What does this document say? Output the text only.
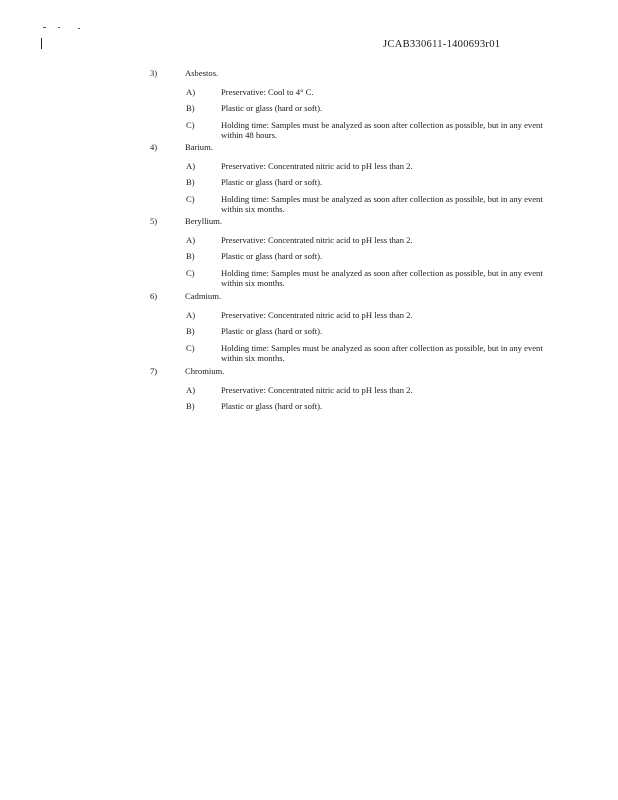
JCAB330611-1400693r01
3)	Asbestos.
A)	Preservative: Cool to 4° C.
B)	Plastic or glass (hard or soft).
C)	Holding time: Samples must be analyzed as soon after collection as possible, but in any event within 48 hours.
4)	Barium.
A)	Preservative: Concentrated nitric acid to pH less than 2.
B)	Plastic or glass (hard or soft).
C)	Holding time: Samples must be analyzed as soon after collection as possible, but in any event within six months.
5)	Beryllium.
A)	Preservative: Concentrated nitric acid to pH less than 2.
B)	Plastic or glass (hard or soft).
C)	Holding time: Samples must be analyzed as soon after collection as possible, but in any event within six months.
6)	Cadmium.
A)	Preservative: Concentrated nitric acid to pH less than 2.
B)	Plastic or glass (hard or soft).
C)	Holding time: Samples must be analyzed as soon after collection as possible, but in any event within six months.
7)	Chromium.
A)	Preservative: Concentrated nitric acid to pH less than 2.
B)	Plastic or glass (hard or soft).
